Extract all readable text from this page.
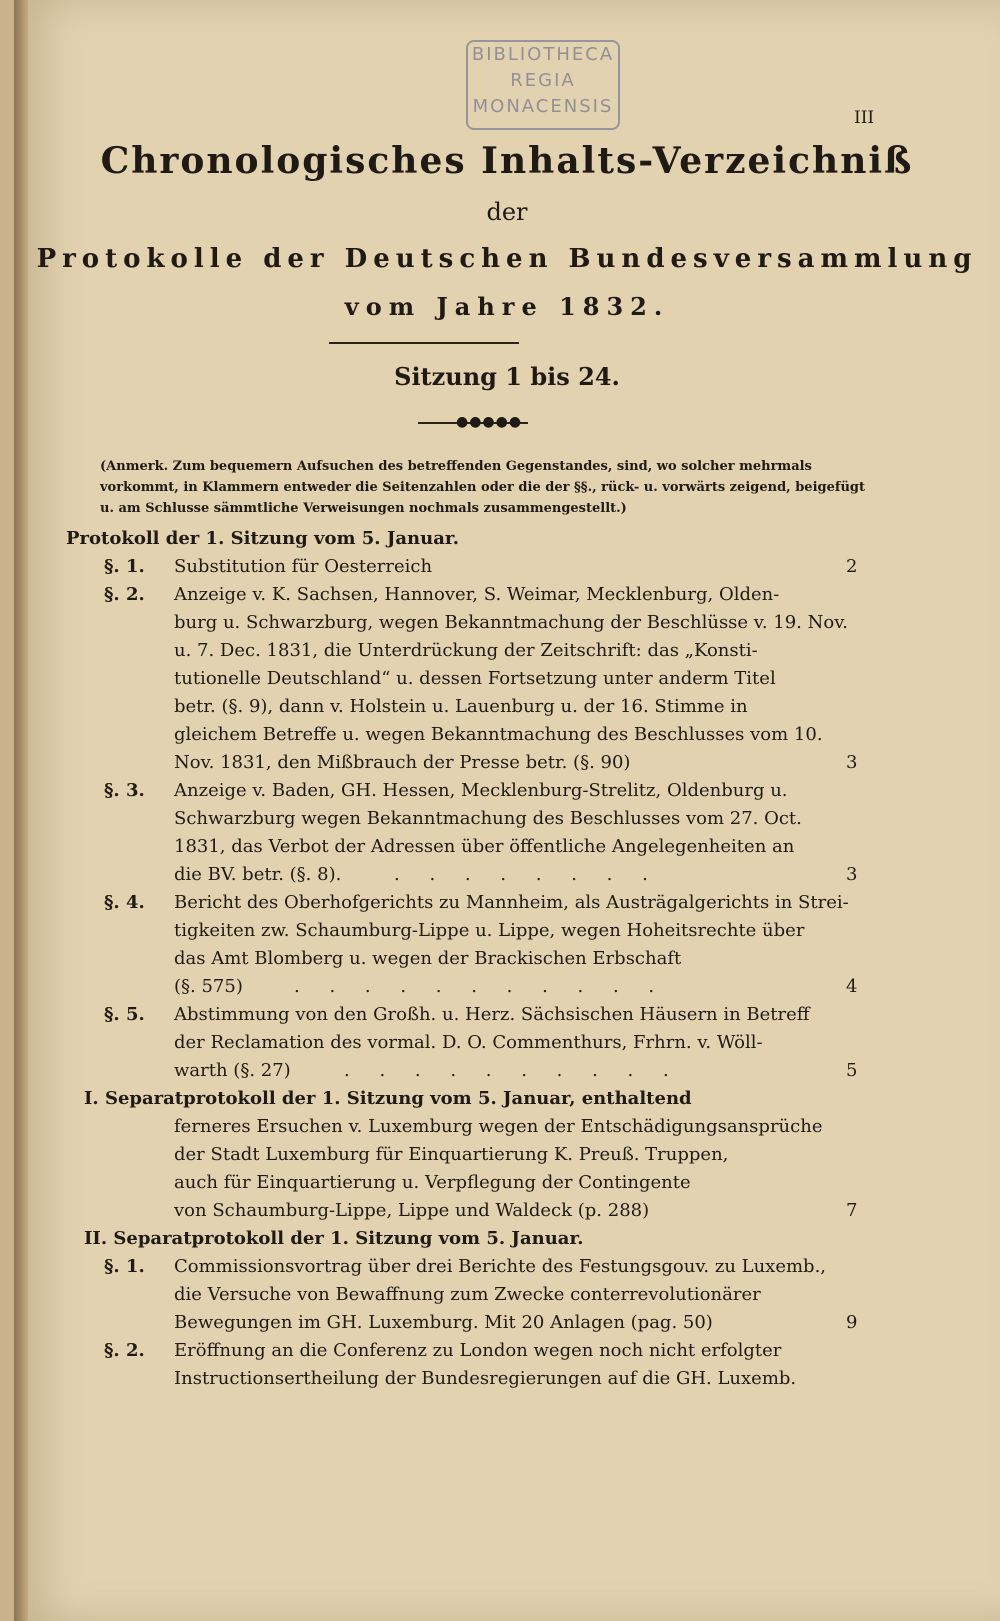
BIBLIOTHECA
REGIA
MONACENSIS
III
Chronologisches Inhalts-Verzeichniß
der
Protokolle der Deutschen Bundesversammlung
vom Jahre 1832.
Sitzung 1 bis 24.
●●●●●
(Anmerk. Zum bequemern Aufsuchen des betreffenden Gegenstandes, sind, wo solcher mehrmals vorkommt, in Klammern entweder die Seitenzahlen oder die der §§., rück- u. vorwärts zeigend, beigefügt u. am Schlusse sämmtliche Verweisungen nochmals zusammengestellt.)
Protokoll der 1. Sitzung vom 5. Januar.
§. 1. Substitution für Oesterreich	2
§. 2. Anzeige v. K. Sachsen, Hannover, S. Weimar, Mecklenburg, Olden-
burg u. Schwarzburg, wegen Bekanntmachung der Beschlüsse v. 19. Nov.
u. 7. Dec. 1831, die Unterdrückung der Zeitschrift: das „Konsti-
tutionelle Deutschland“ u. dessen Fortsetzung unter anderm Titel
betr. (§. 9), dann v. Holstein u. Lauenburg u. der 16. Stimme in
gleichem Betreffe u. wegen Bekanntmachung des Beschlusses vom 10.
Nov. 1831, den Mißbrauch der Presse betr. (§. 90)	3
§. 3. Anzeige v. Baden, GH. Hessen, Mecklenburg-Strelitz, Oldenburg u.
Schwarzburg wegen Bekanntmachung des Beschlusses vom 27. Oct.
1831, das Verbot der Adressen über öffentliche Angelegenheiten an
die BV. betr. (§. 8).	. . . . . . . .	3
§. 4. Bericht des Oberhofgerichts zu Mannheim, als Austrägalgerichts in Strei-
tigkeiten zw. Schaumburg-Lippe u. Lippe, wegen Hoheitsrechte über
das Amt Blomberg u. wegen der Brackischen Erbschaft
(§. 575)	. . . . . . . . . . .	4
§. 5. Abstimmung von den Großh. u. Herz. Sächsischen Häusern in Betreff
der Reclamation des vormal. D. O. Commenthurs, Frhrn. v. Wöll-
warth (§. 27)	. . . . . . . . . .	5
I. Separatprotokoll der 1. Sitzung vom 5. Januar, enthaltend
ferneres Ersuchen v. Luxemburg wegen der Entschädigungsansprüche
der Stadt Luxemburg für Einquartierung K. Preuß. Truppen,
auch für Einquartierung u. Verpflegung der Contingente
von Schaumburg-Lippe, Lippe und Waldeck (p. 288)	7
II. Separatprotokoll der 1. Sitzung vom 5. Januar.
§. 1. Commissionsvortrag über drei Berichte des Festungsgouv. zu Luxemb.,
die Versuche von Bewaffnung zum Zwecke conterrevolutionärer
Bewegungen im GH. Luxemburg. Mit 20 Anlagen (pag. 50)	9
§. 2. Eröffnung an die Conferenz zu London wegen noch nicht erfolgter
Instructionsertheilung der Bundesregierungen auf die GH. Luxemb.
